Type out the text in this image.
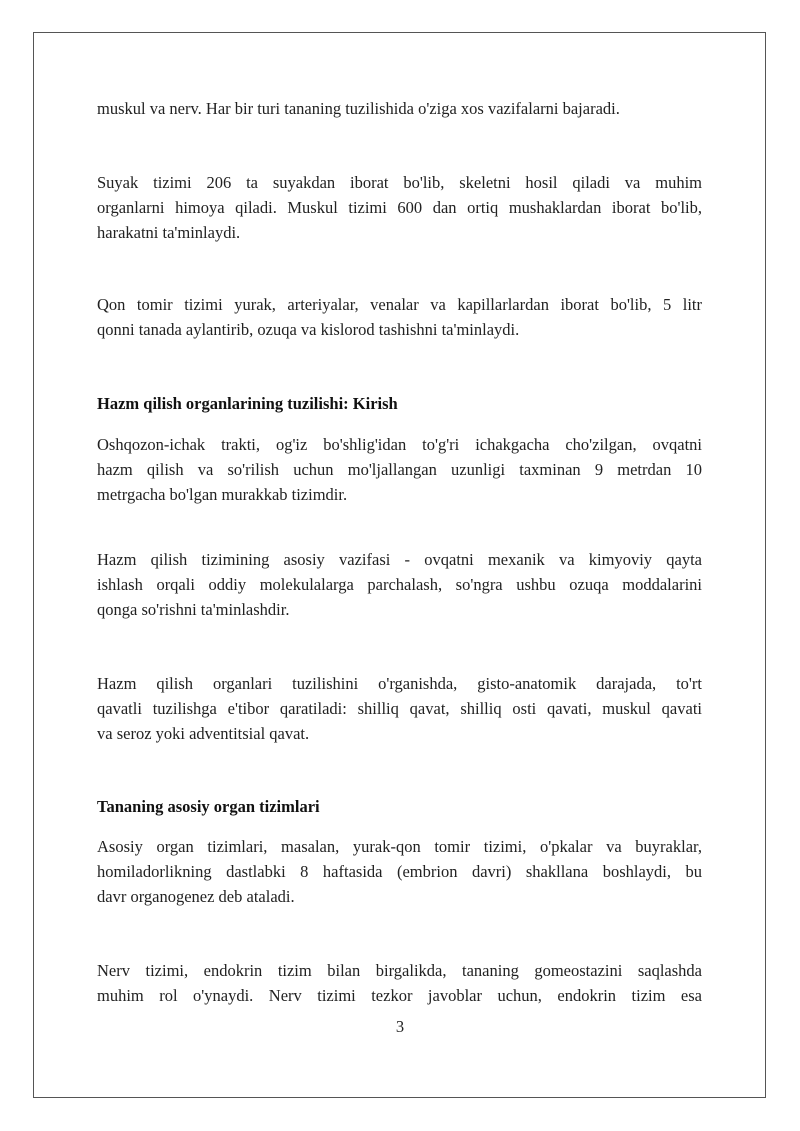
muskul va nerv. Har bir turi tananing tuzilishida o'ziga xos vazifalarni bajaradi.
Suyak tizimi 206 ta suyakdan iborat bo'lib, skeletni hosil qiladi va muhim
organlarni himoya qiladi. Muskul tizimi 600 dan ortiq mushaklardan iborat bo'lib,
harakatni ta'minlaydi.
Qon tomir tizimi yurak, arteriyalar, venalar va kapillarlardan iborat bo'lib, 5 litr
qonni tanada aylantirib, ozuqa va kislorod tashishni ta'minlaydi.
Hazm qilish organlarining tuzilishi: Kirish
Oshqozon-ichak trakti, og'iz bo'shlig'idan to'g'ri ichakgacha cho'zilgan, ovqatni
hazm qilish va so'rilish uchun mo'ljallangan uzunligi taxminan 9 metrdan 10
metrgacha bo'lgan murakkab tizimdir.
Hazm qilish tizimining asosiy vazifasi - ovqatni mexanik va kimyoviy qayta
ishlash orqali oddiy molekulalarga parchalash, so'ngra ushbu ozuqa moddalarini
qonga so'rishni ta'minlashdir.
Hazm qilish organlari tuzilishini o'rganishda, gisto-anatomik darajada, to'rt
qavatli tuzilishga e'tibor qaratiladi: shilliq qavat, shilliq osti qavati, muskul qavati
va seroz yoki adventitsial qavat.
Tananing asosiy organ tizimlari
Asosiy organ tizimlari, masalan, yurak-qon tomir tizimi, o'pkalar va buyraklar,
homiladorlikning dastlabki 8 haftasida (embrion davri) shakllana boshlaydi, bu
davr organogenez deb ataladi.
Nerv tizimi, endokrin tizim bilan birgalikda, tananing gomeostazini saqlashda
muhim rol o'ynaydi. Nerv tizimi tezkor javoblar uchun, endokrin tizim esa
3
